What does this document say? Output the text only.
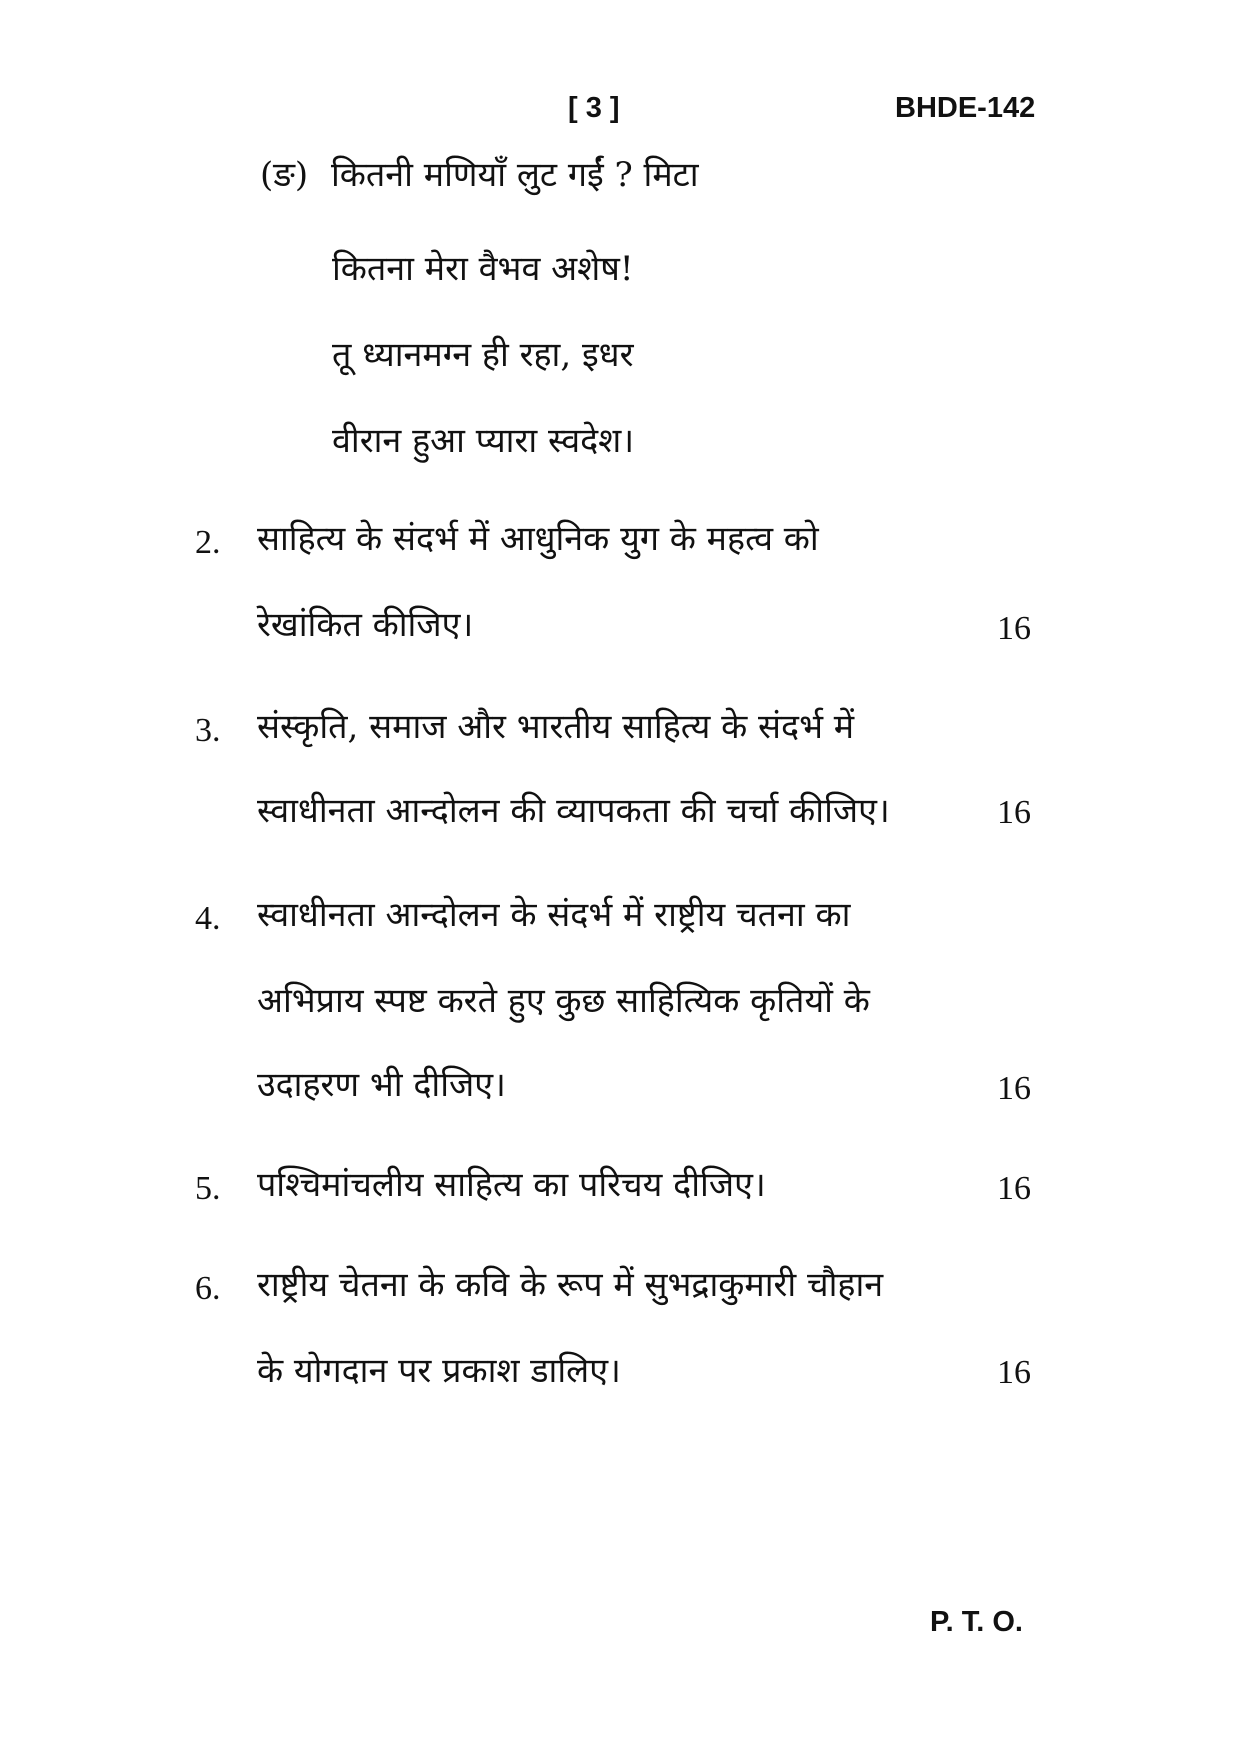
[ 3 ]	BHDE-142
(ङ) कितनी मणियाँ लुट गईं ? मिटा
कितना मेरा वैभव अशेष!
तू ध्यानमग्न ही रहा, इधर
वीरान हुआ प्यारा स्वदेश।
2. साहित्य के संदर्भ में आधुनिक युग के महत्व को
रेखांकित कीजिए।	16
3. संस्कृति, समाज और भारतीय साहित्य के संदर्भ में
स्वाधीनता आन्दोलन की व्यापकता की चर्चा कीजिए।	16
4. स्वाधीनता आन्दोलन के संदर्भ में राष्ट्रीय चतना का
अभिप्राय स्पष्ट करते हुए कुछ साहित्यिक कृतियों के
उदाहरण भी दीजिए।	16
5. पश्चिमांचलीय साहित्य का परिचय दीजिए।	16
6. राष्ट्रीय चेतना के कवि के रूप में सुभद्राकुमारी चौहान
के योगदान पर प्रकाश डालिए।	16
P. T. O.
